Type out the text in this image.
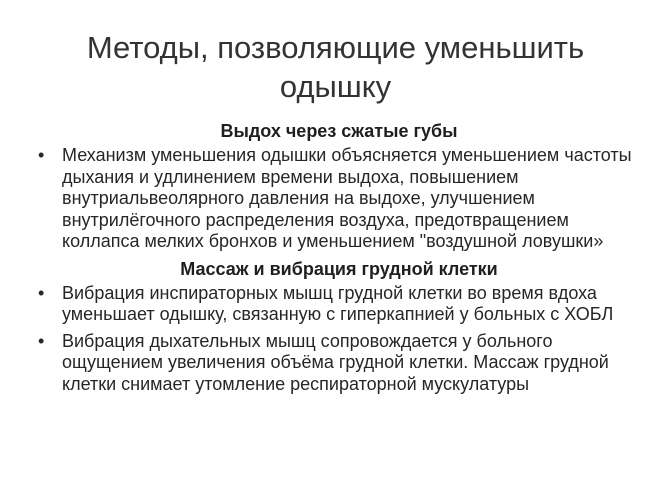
Методы, позволяющие уменьшить одышку
Выдох через сжатые губы
• Механизм уменьшения одышки объясняется уменьшением частоты дыхания и удлинением времени выдоха, повышением внутриальвеолярного давления на выдохе, улучшением внутрилёгочного распределения воздуха, предотвращением коллапса мелких бронхов и уменьшением "воздушной ловушки»
Массаж и вибрация грудной клетки
• Вибрация инспираторных мышц грудной клетки во время вдоха уменьшает одышку, связанную с гиперкапнией у больных с ХОБЛ
• Вибрация дыхательных мышц сопровождается у больного ощущением увеличения объёма грудной клетки. Массаж грудной клетки снимает утомление респираторной мускулатуры
